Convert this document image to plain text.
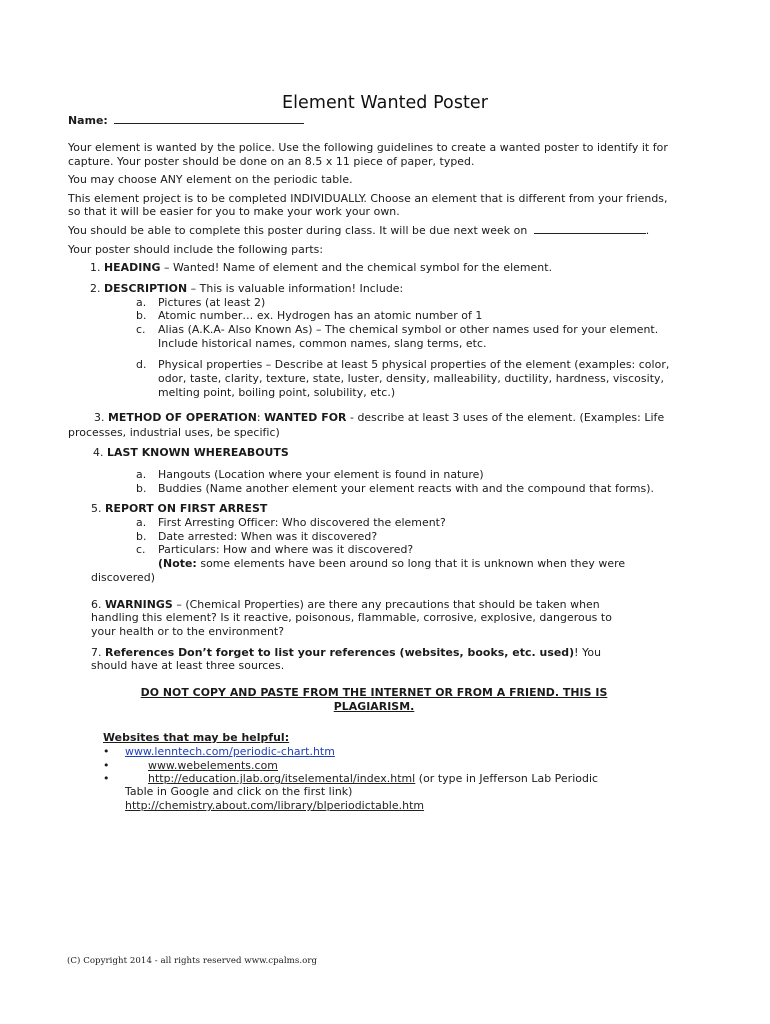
Element Wanted Poster
Name:
Your element is wanted by the police. Use the following guidelines to create a wanted poster to identify it for
capture. Your poster should be done on an 8.5 x 11 piece of paper, typed.
You may choose ANY element on the periodic table.
This element project is to be completed INDIVIDUALLY. Choose an element that is different from your friends,
so that it will be easier for you to make your work your own.
You should be able to complete this poster during class. It will be due next week on	.
Your poster should include the following parts:
1. HEADING – Wanted! Name of element and the chemical symbol for the element.
2. DESCRIPTION – This is valuable information! Include:
a. Pictures (at least 2)
b. Atomic number… ex. Hydrogen has an atomic number of 1
c. Alias (A.K.A- Also Known As) – The chemical symbol or other names used for your element.
Include historical names, common names, slang terms, etc.
d. Physical properties – Describe at least 5 physical properties of the element (examples: color,
odor, taste, clarity, texture, state, luster, density, malleability, ductility, hardness, viscosity,
melting point, boiling point, solubility, etc.)
3. METHOD OF OPERATION: WANTED FOR - describe at least 3 uses of the element. (Examples: Life
processes, industrial uses, be specific)
4. LAST KNOWN WHEREABOUTS
a. Hangouts (Location where your element is found in nature)
b. Buddies (Name another element your element reacts with and the compound that forms).
5. REPORT ON FIRST ARREST
a. First Arresting Officer: Who discovered the element?
b. Date arrested: When was it discovered?
c. Particulars: How and where was it discovered?
(Note: some elements have been around so long that it is unknown when they were
discovered)
6. WARNINGS – (Chemical Properties) are there any precautions that should be taken when
handling this element? Is it reactive, poisonous, flammable, corrosive, explosive, dangerous to
your health or to the environment?
7. References Don’t forget to list your references (websites, books, etc. used)! You
should have at least three sources.
DO NOT COPY AND PASTE FROM THE INTERNET OR FROM A FRIEND. THIS IS
PLAGIARISM.
Websites that may be helpful:
• www.lenntech.com/periodic-chart.htm
•	www.webelements.com
•	http://education.jlab.org/itselemental/index.html (or type in Jefferson Lab Periodic
Table in Google and click on the first link)
http://chemistry.about.com/library/blperiodictable.htm
(C) Copyright 2014 - all rights reserved www.cpalms.org
